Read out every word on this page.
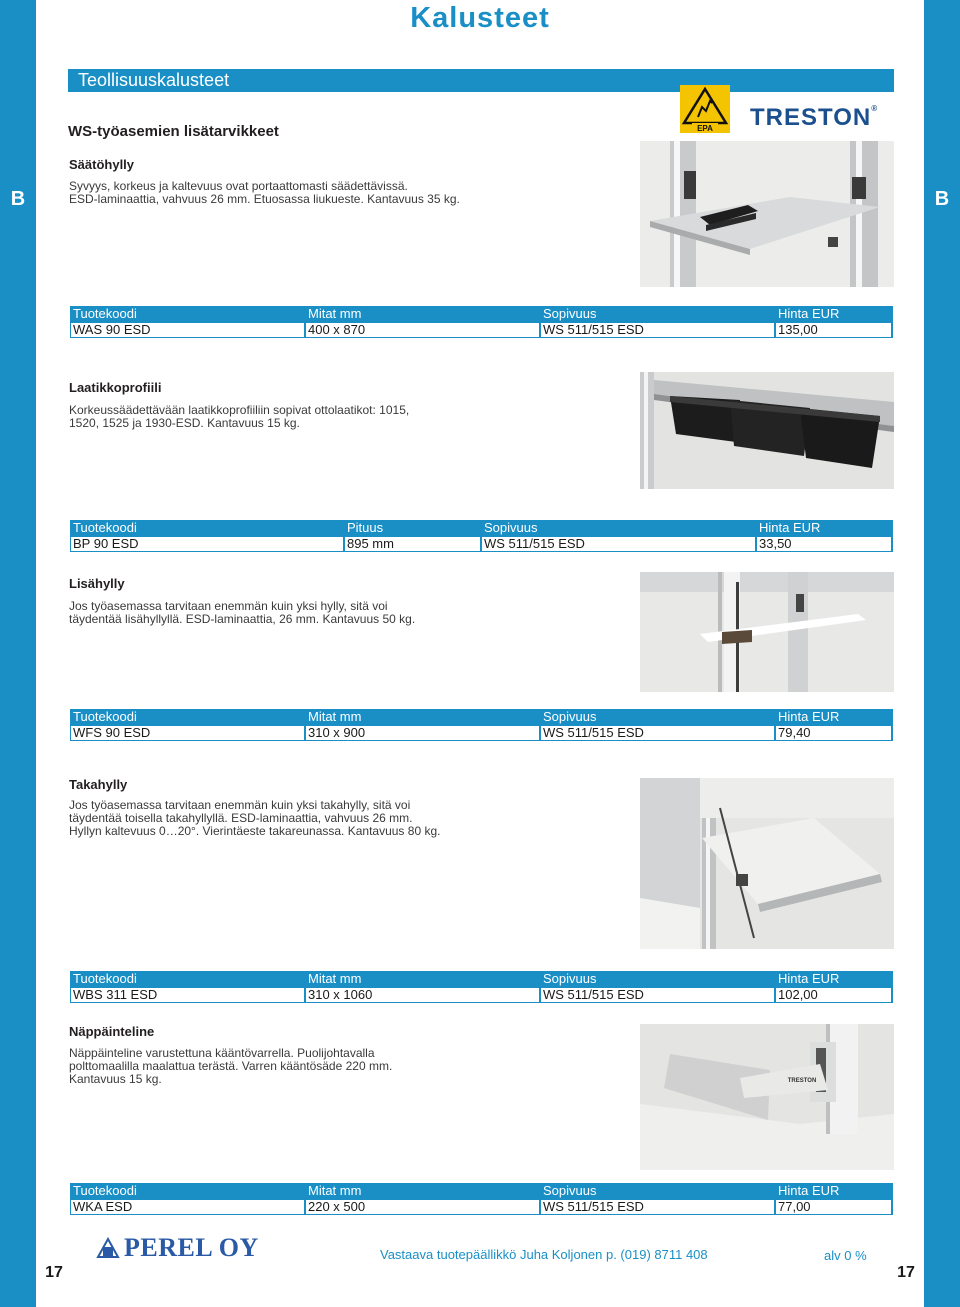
B	B
17	17
Kalusteet
Teollisuuskalusteet
EPA TRESTON®
WS-työasemien lisätarvikkeet
Säätöhylly
Syvyys, korkeus ja kaltevuus ovat portaattomasti säädettävissä.
ESD-laminaattia, vahvuus 26 mm. Etuosassa liukueste. Kantavuus 35 kg.
Tuotekoodi	Mitat mm	Sopivuus	Hinta EUR
WAS 90 ESD	400 x 870	WS 511/515 ESD	135,00
Laatikkoprofiili
Korkeussäädettävään laatikkoprofiiliin sopivat ottolaatikot: 1015,
1520, 1525 ja 1930-ESD. Kantavuus 15 kg.
Tuotekoodi	Pituus	Sopivuus	Hinta EUR
BP 90 ESD	895 mm	WS 511/515 ESD	33,50
Lisähylly
Jos työasemassa tarvitaan enemmän kuin yksi hylly, sitä voi
täydentää lisähyllyllä. ESD-laminaattia, 26 mm. Kantavuus 50 kg.
Tuotekoodi	Mitat mm	Sopivuus	Hinta EUR
WFS 90 ESD	310 x 900	WS 511/515 ESD	79,40
Takahylly
Jos työasemassa tarvitaan enemmän kuin yksi takahylly, sitä voi
täydentää toisella takahyllyllä. ESD-laminaattia, vahvuus 26 mm.
Hyllyn kaltevuus 0…20°. Vierintäeste takareunassa. Kantavuus 80 kg.
Tuotekoodi	Mitat mm	Sopivuus	Hinta EUR
WBS 311 ESD	310 x 1060	WS 511/515 ESD	102,00
Näppäinteline
Näppäinteline varustettuna kääntövarrella. Puolijohtavalla
polttomaalilla maalattua terästä. Varren kääntösäde 220 mm.
Kantavuus 15 kg.	TRESTON
Tuotekoodi	Mitat mm	Sopivuus	Hinta EUR
WKA ESD	220 x 500	WS 511/515 ESD	77,00
PEREL OY	Vastaava tuotepäällikkö Juha Koljonen p. (019) 8711 408	alv 0 %
